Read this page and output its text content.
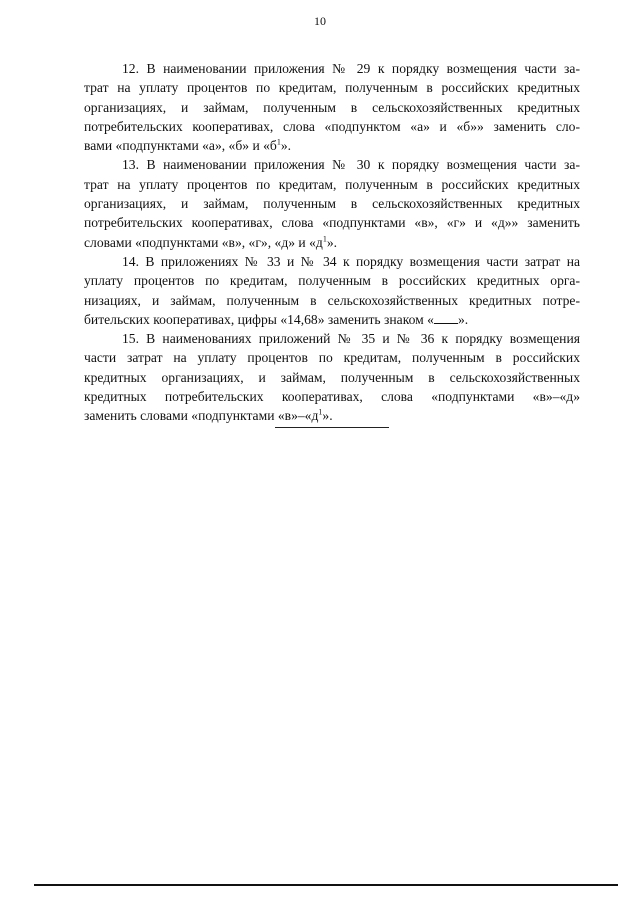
10
12. В наименовании приложения № 29 к порядку возмещения части за-
трат на уплату процентов по кредитам, полученным в российских кредитных
организациях, и займам, полученным в сельскохозяйственных кредитных
потребительских кооперативах, слова «подпунктом «а» и «б»» заменить сло-
вами «подпунктами «а», «б» и «$б^1$».
13. В наименовании приложения № 30 к порядку возмещения части за-
трат на уплату процентов по кредитам, полученным в российских кредитных
организациях, и займам, полученным в сельскохозяйственных кредитных
потребительских кооперативах, слова «подпунктами «в», «г» и «д»» заменить
словами «подпунктами «в», «г», «д» и «$д^1$».
14. В приложениях № 33 и № 34 к порядку возмещения части затрат на
уплату процентов по кредитам, полученным в российских кредитных орга-
низациях, и займам, полученным в сельскохозяйственных кредитных потре-
бительских кооперативах, цифры «14,68» заменить знаком « ».
15. В наименованиях приложений № 35 и № 36 к порядку возмещения
части затрат на уплату процентов по кредитам, полученным в российских
кредитных организациях, и займам, полученным в сельскохозяйственных
кредитных потребительских кооперативах, слова «подпунктами «в»–«д»
заменить словами «подпунктами «$в»-«д^1$».
